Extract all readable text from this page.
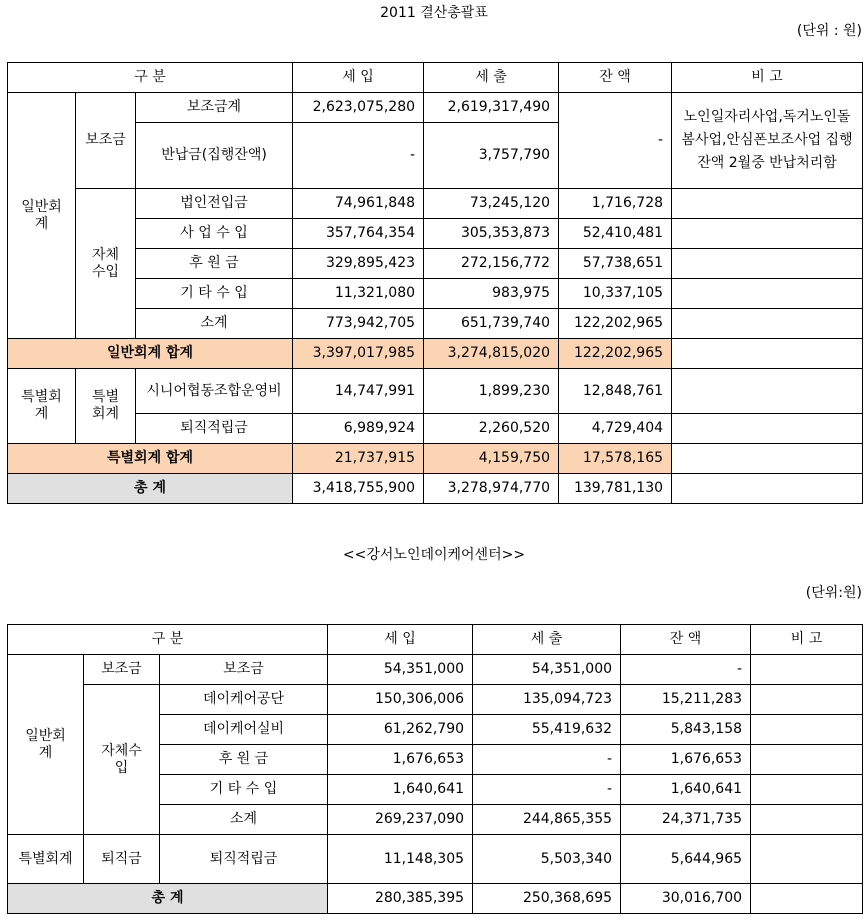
2011 결산총괄표
(단위 : 원)
구 분			세 입	세 출	잔 액	비 고
일반회계	보조금	보조금계	2,623,075,280	2,619,317,490	-	노인일자리사업,독거노인돌봄사업,안심폰보조사업 집행잔액 2월중 반납처리함
		반납금(집행잔액)	-	3,757,790		
	자체수입	법인전입금	74,961,848	73,245,120	1,716,728	
		사 업 수 입	357,764,354	305,353,873	52,410,481	
		후 원 금	329,895,423	272,156,772	57,738,651	
		기 타 수 입	11,321,080	983,975	10,337,105	
		소계	773,942,705	651,739,740	122,202,965	
일반회계 합계			3,397,017,985	3,274,815,020	122,202,965	
특별회계	특별회계	시니어협동조합운영비	14,747,991	1,899,230	12,848,761	
		퇴직적립금	6,989,924	2,260,520	4,729,404	
특별회계 합계			21,737,915	4,159,750	17,578,165	
총 계			3,418,755,900	3,278,974,770	139,781,130	
<<강서노인데이케어센터>>
(단위:원)
구 분			세 입	세 출	잔 액	비 고
일반회계	보조금	보조금	54,351,000	54,351,000	-	
	자체수입	데이케어공단	150,306,006	135,094,723	15,211,283	
		데이케어실비	61,262,790	55,419,632	5,843,158	
		후 원 금	1,676,653	-	1,676,653	
		기 타 수 입	1,640,641	-	1,640,641	
		소계	269,237,090	244,865,355	24,371,735	
특별회계	퇴직금	퇴직적립금	11,148,305	5,503,340	5,644,965	
총 계			280,385,395	250,368,695	30,016,700	
